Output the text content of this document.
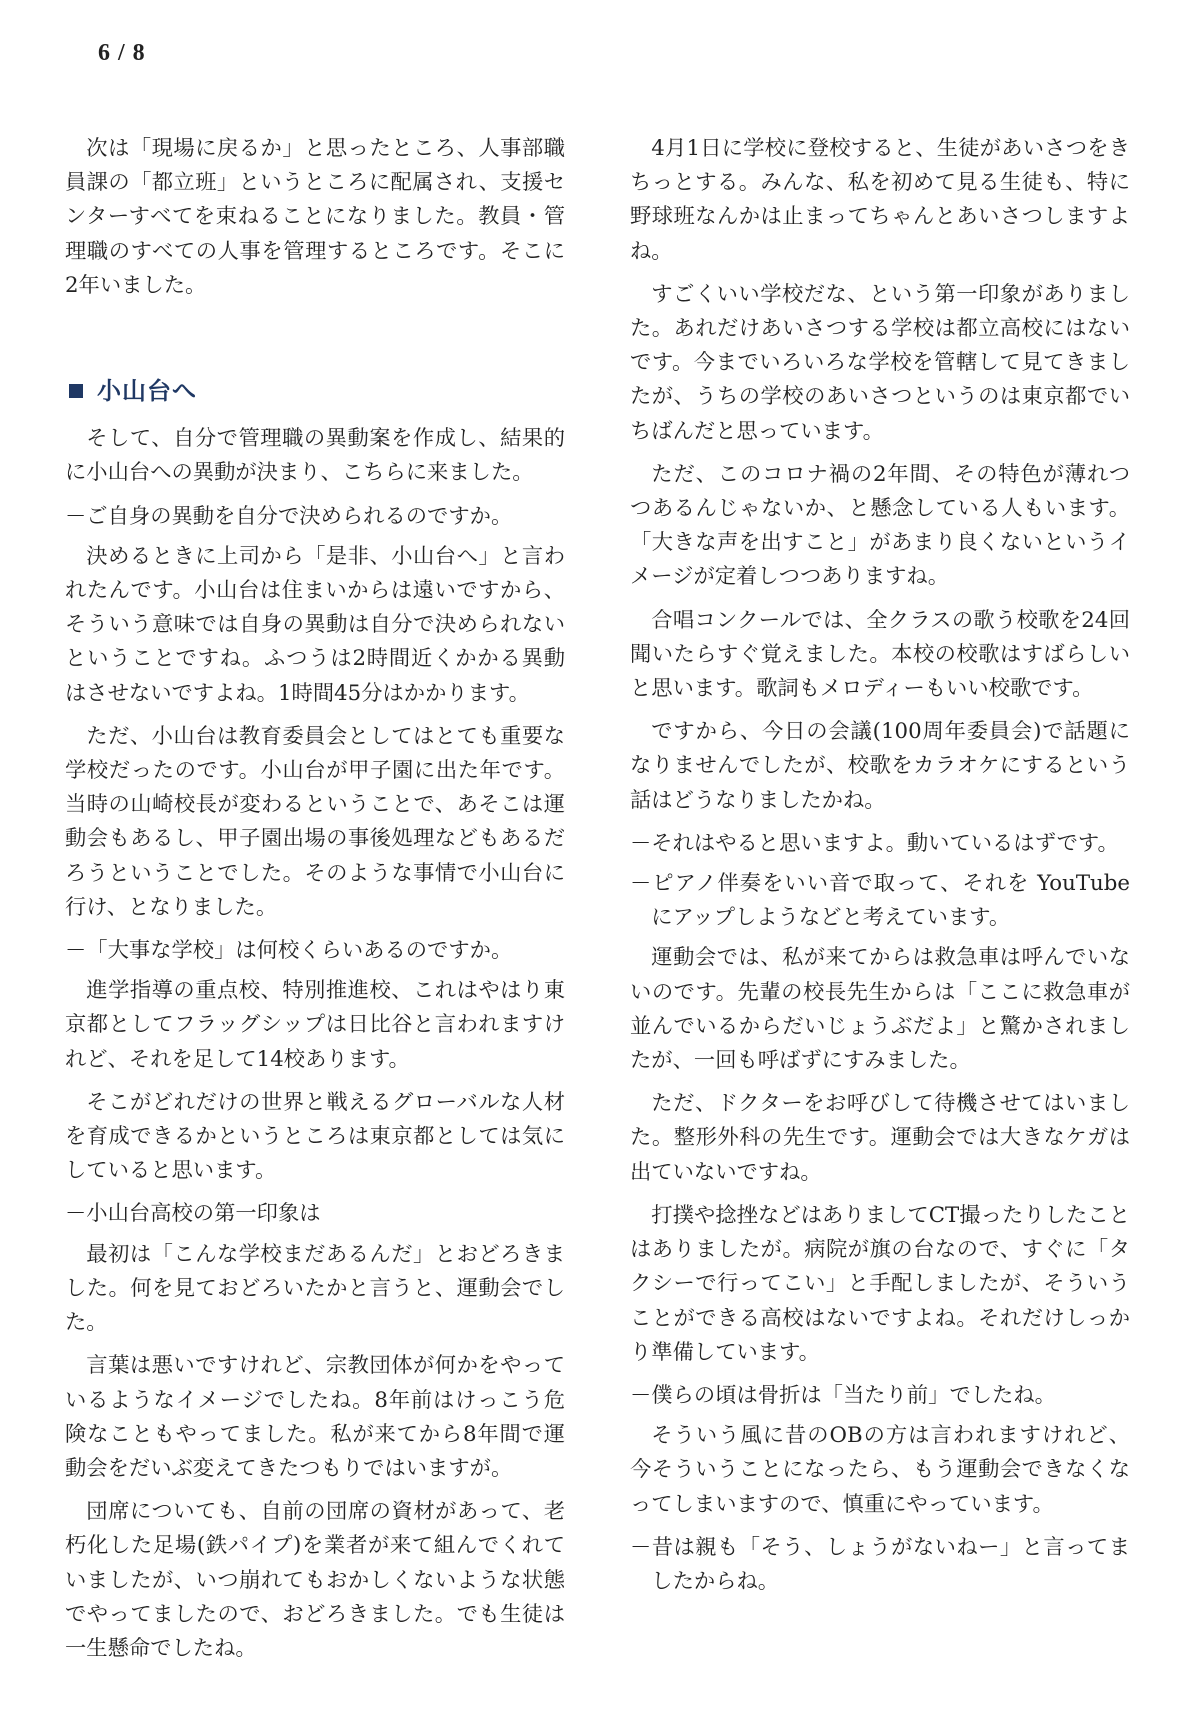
6 / 8

次は「現場に戻るか」と思ったところ、人事部職員課の「都立班」というところに配属され、支援センターすべてを束ねることになりました。教員・管理職のすべての人事を管理するところです。そこに2年いました。

小山台へ

そして、自分で管理職の異動案を作成し、結果的に小山台への異動が決まり、こちらに来ました。

－ご自身の異動を自分で決められるのですか。

決めるときに上司から「是非、小山台へ」と言われたんです。小山台は住まいからは遠いですから、そういう意味では自身の異動は自分で決められないということですね。ふつうは2時間近くかかる異動はさせないですよね。1時間45分はかかります。

ただ、小山台は教育委員会としてはとても重要な学校だったのです。小山台が甲子園に出た年です。当時の山崎校長が変わるということで、あそこは運動会もあるし、甲子園出場の事後処理などもあるだろうということでした。そのような事情で小山台に行け、となりました。

－「大事な学校」は何校くらいあるのですか。

進学指導の重点校、特別推進校、これはやはり東京都としてフラッグシップは日比谷と言われますけれど、それを足して14校あります。

そこがどれだけの世界と戦えるグローバルな人材を育成できるかというところは東京都としては気にしていると思います。

－小山台高校の第一印象は

最初は「こんな学校まだあるんだ」とおどろきました。何を見ておどろいたかと言うと、運動会でした。

言葉は悪いですけれど、宗教団体が何かをやっているようなイメージでしたね。8年前はけっこう危険なこともやってました。私が来てから8年間で運動会をだいぶ変えてきたつもりではいますが。

団席についても、自前の団席の資材があって、老朽化した足場(鉄パイプ)を業者が来て組んでくれていましたが、いつ崩れてもおかしくないような状態でやってましたので、おどろきました。でも生徒は一生懸命でしたね。

4月1日に学校に登校すると、生徒があいさつをきちっとする。みんな、私を初めて見る生徒も、特に野球班なんかは止まってちゃんとあいさつしますよね。

すごくいい学校だな、という第一印象がありました。あれだけあいさつする学校は都立高校にはないです。今までいろいろな学校を管轄して見てきましたが、うちの学校のあいさつというのは東京都でいちばんだと思っています。

ただ、このコロナ禍の2年間、その特色が薄れつつあるんじゃないか、と懸念している人もいます。「大きな声を出すこと」があまり良くないというイメージが定着しつつありますね。

合唱コンクールでは、全クラスの歌う校歌を24回聞いたらすぐ覚えました。本校の校歌はすばらしいと思います。歌詞もメロディーもいい校歌です。

ですから、今日の会議(100周年委員会)で話題になりませんでしたが、校歌をカラオケにするという話はどうなりましたかね。

－それはやると思いますよ。動いているはずです。

－ピアノ伴奏をいい音で取って、それを YouTube にアップしようなどと考えています。

運動会では、私が来てからは救急車は呼んでいないのです。先輩の校長先生からは「ここに救急車が並んでいるからだいじょうぶだよ」と驚かされましたが、一回も呼ばずにすみました。

ただ、ドクターをお呼びして待機させてはいました。整形外科の先生です。運動会では大きなケガは出ていないですね。

打撲や捻挫などはありましてCT撮ったりしたことはありましたが。病院が旗の台なので、すぐに「タクシーで行ってこい」と手配しましたが、そういうことができる高校はないですよね。それだけしっかり準備しています。

－僕らの頃は骨折は「当たり前」でしたね。

そういう風に昔のOBの方は言われますけれど、今そういうことになったら、もう運動会できなくなってしまいますので、慎重にやっています。

－昔は親も「そう、しょうがないねー」と言ってましたからね。
